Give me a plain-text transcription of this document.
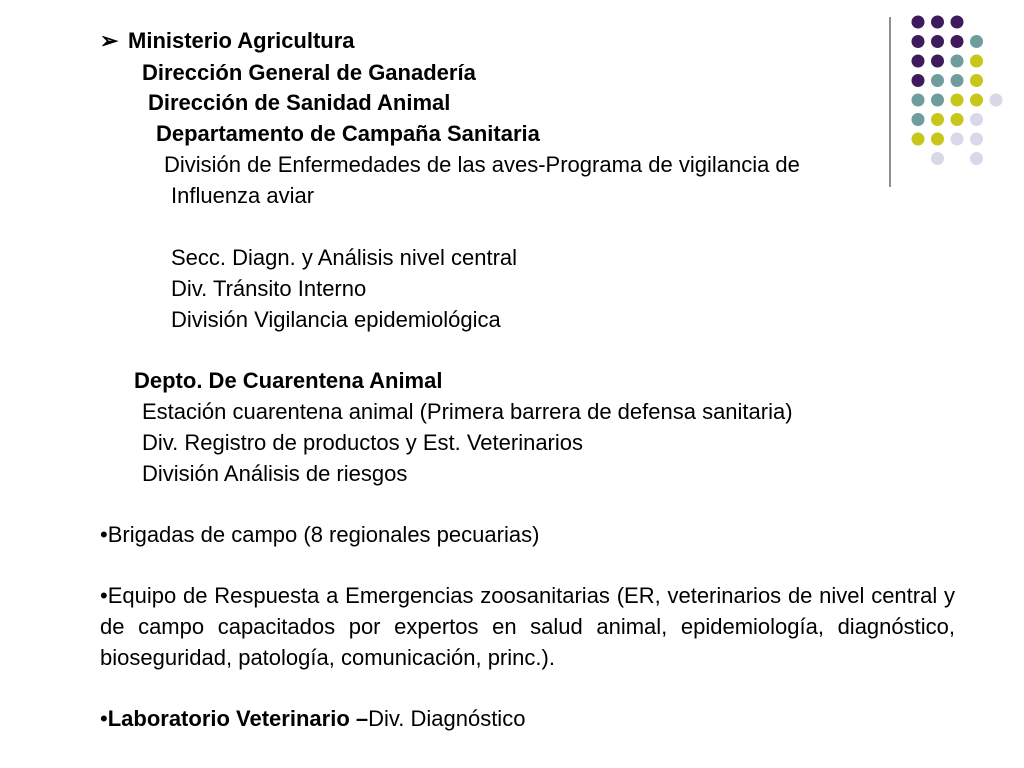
➢ Ministerio Agricultura
Dirección General de Ganadería
Dirección de Sanidad Animal
Departamento de Campaña Sanitaria
División de Enfermedades de las aves-Programa de vigilancia de
Influenza aviar
Secc. Diagn. y Análisis nivel central
Div. Tránsito Interno
División Vigilancia epidemiológica
Depto. De Cuarentena Animal
Estación cuarentena animal (Primera barrera de defensa sanitaria)
Div. Registro de productos y Est. Veterinarios
División Análisis de riesgos
•Brigadas de campo (8 regionales pecuarias)
•Equipo de Respuesta a Emergencias zoosanitarias (ER, veterinarios de nivel central y de campo capacitados por expertos en salud animal, epidemiología, diagnóstico, bioseguridad, patología, comunicación, princ.).
•Laboratorio Veterinario –Div. Diagnóstico
